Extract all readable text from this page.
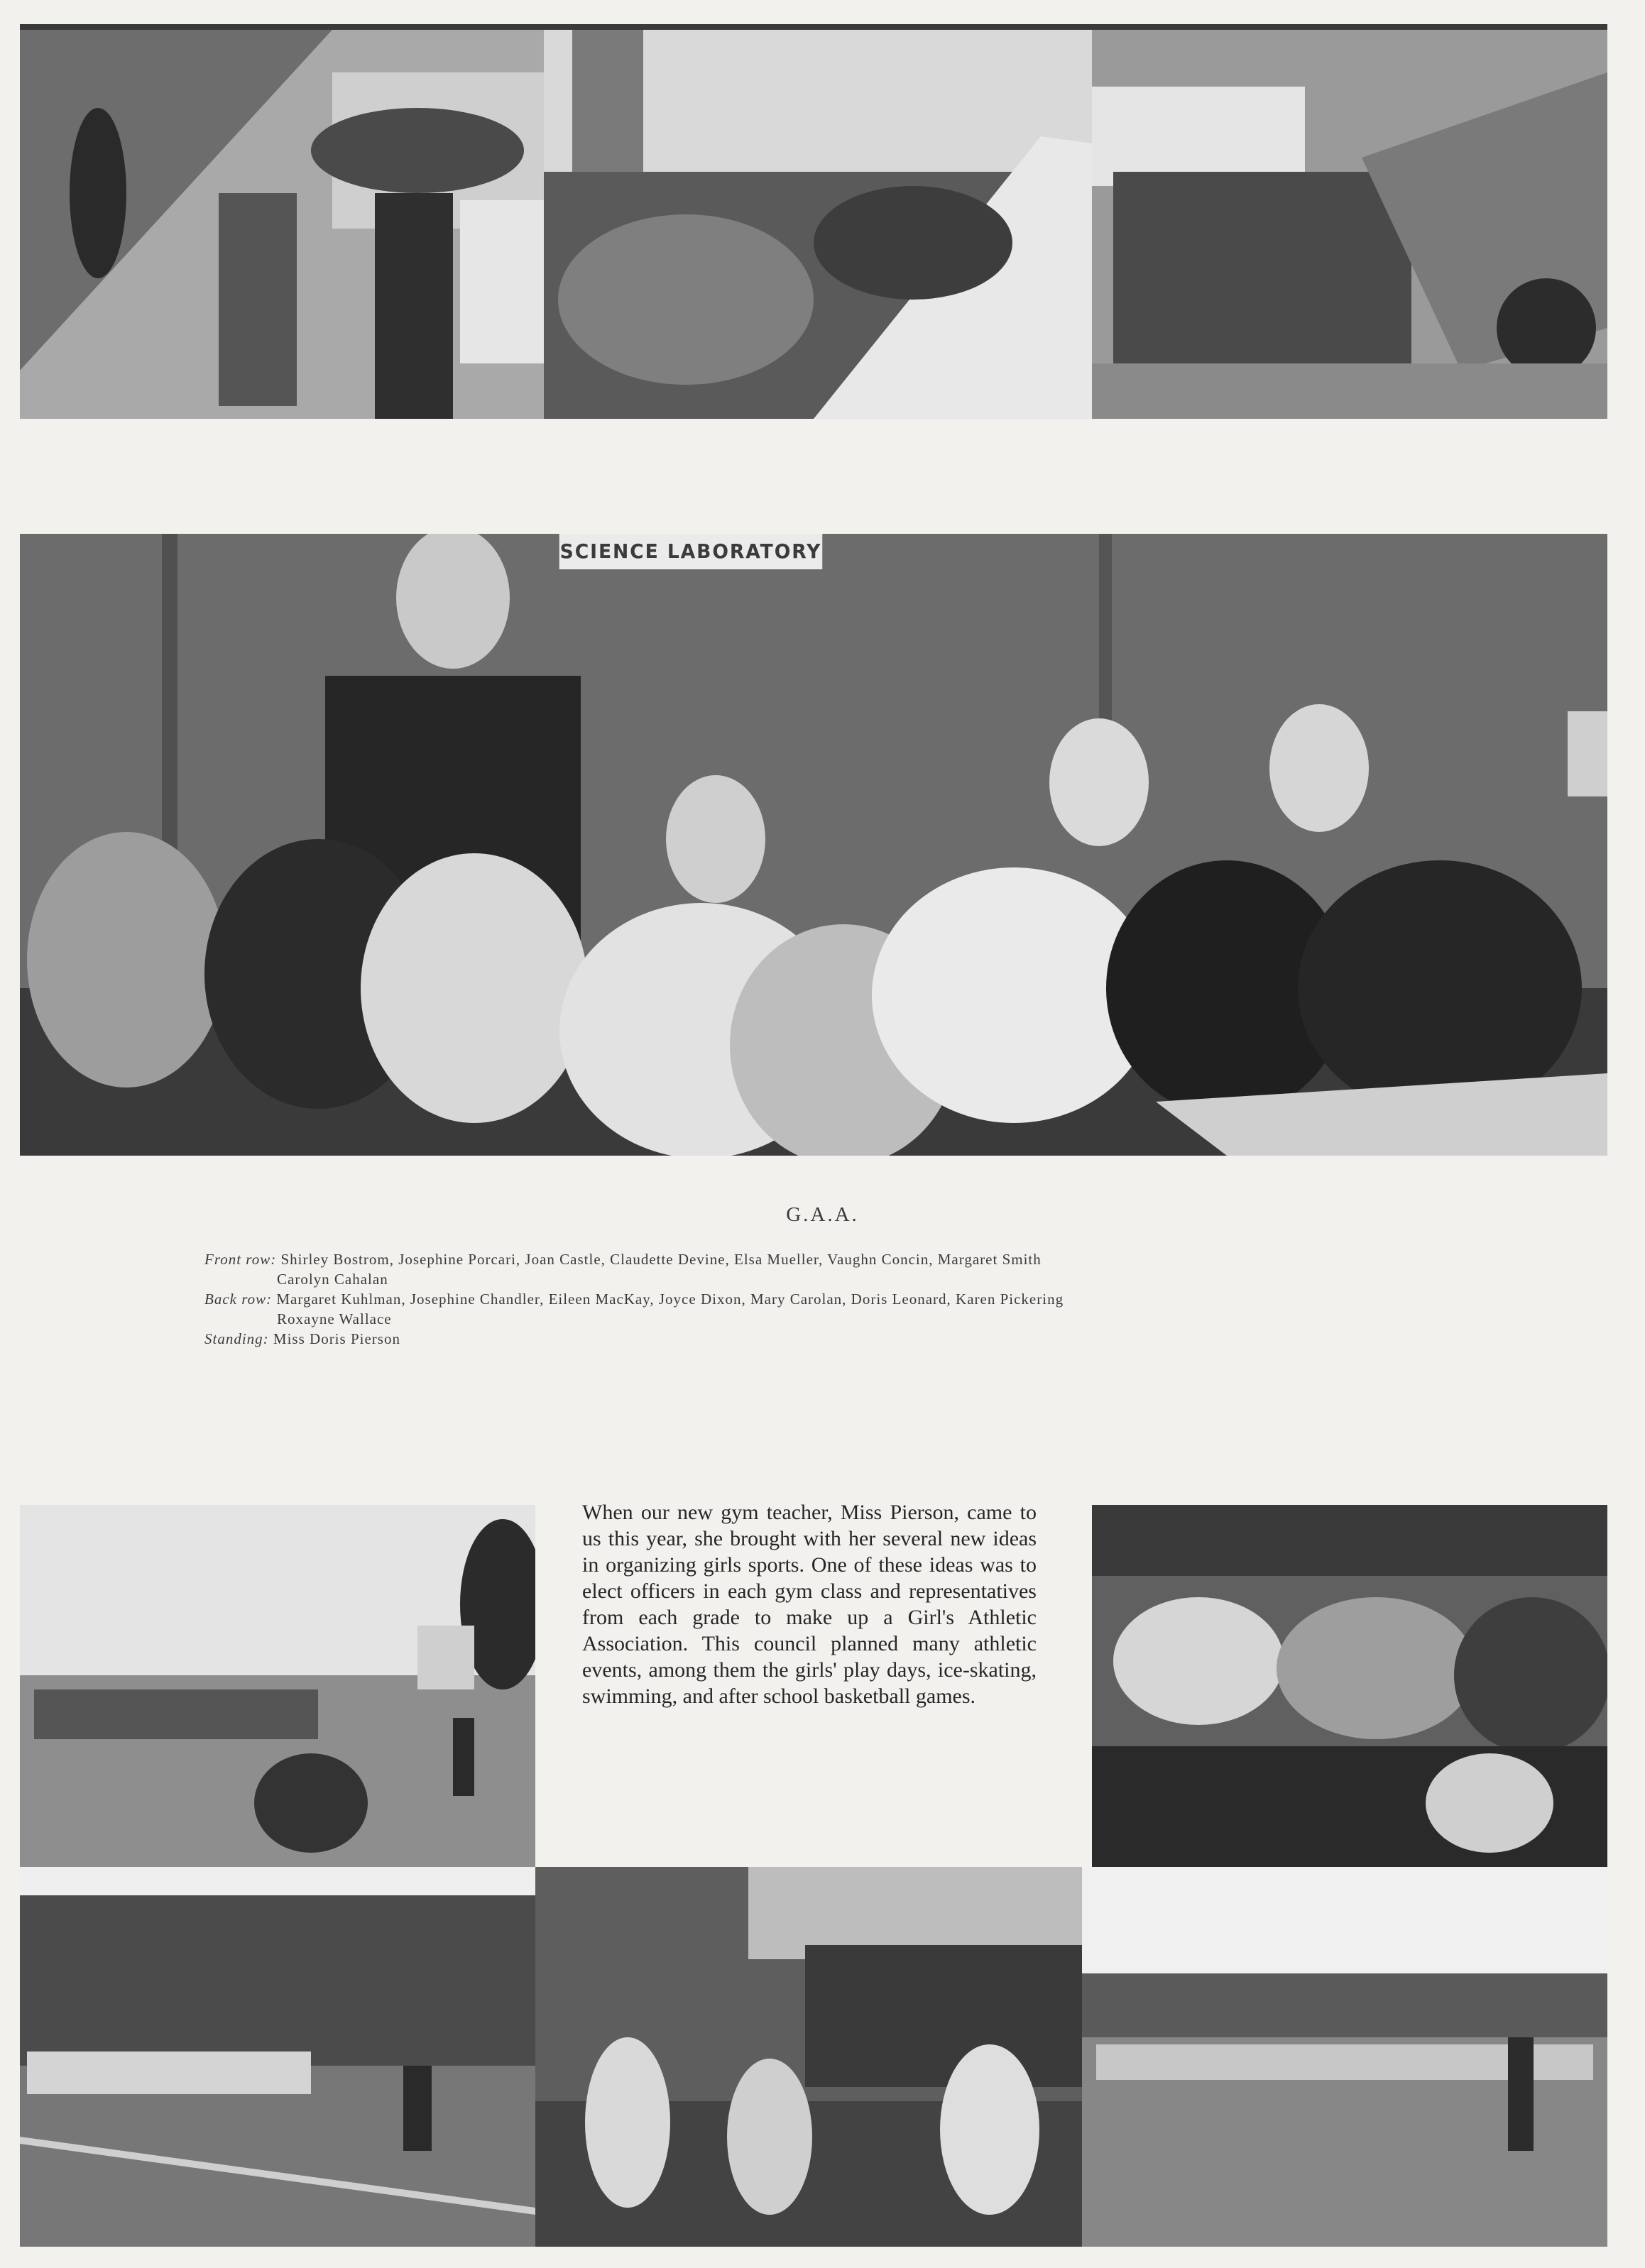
SCIENCE LABORATORY
G.A.A.

Front row: Shirley Bostrom, Josephine Porcari, Joan Castle, Claudette Devine, Elsa Mueller, Vaughn Concin, Margaret Smith
Carolyn Cahalan

Back row: Margaret Kuhlman, Josephine Chandler, Eileen MacKay, Joyce Dixon, Mary Carolan, Doris Leonard, Karen Pickering
Roxayne Wallace

Standing: Miss Doris Pierson

When our new gym teacher, Miss Pierson, came to us this year, she brought with her several new ideas in organizing girls sports. One of these ideas was to elect officers in each gym class and representatives from each grade to make up a Girl's Athletic Association. This council planned many athletic events, among them the girls' play days, ice-skating, swimming, and after school basketball games.
